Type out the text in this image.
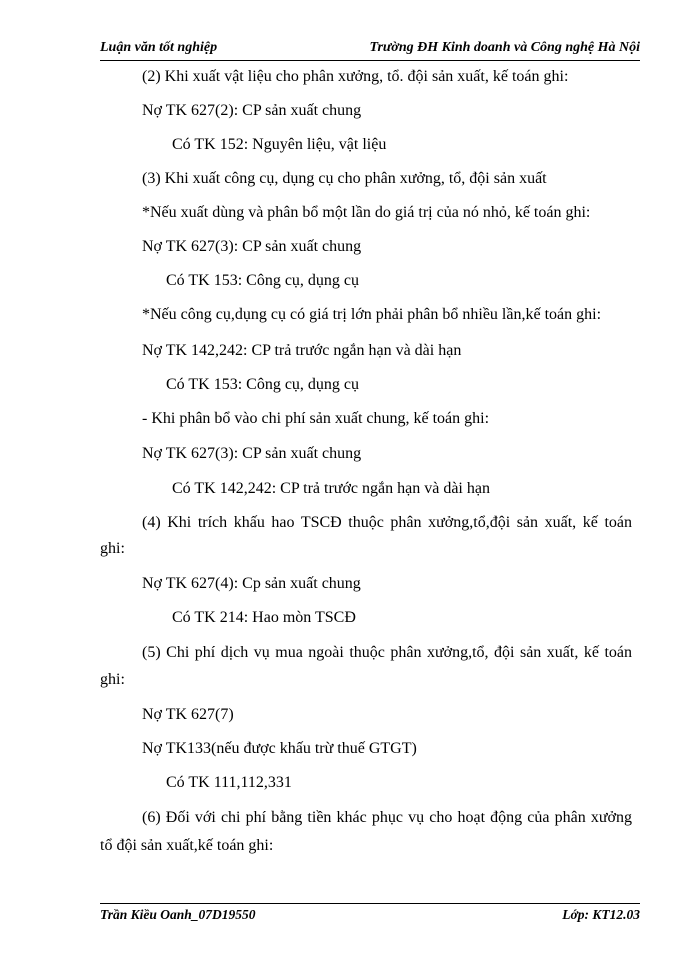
Luận văn tốt nghiệp	Trường ĐH Kinh doanh và Công nghệ Hà Nội
(2) Khi xuất vật liệu cho phân xưởng, tổ. đội sản xuất, kế toán ghi:
Nợ TK 627(2): CP sản xuất chung
Có TK 152: Nguyên liệu, vật liệu
(3) Khi xuất công cụ, dụng cụ cho phân xưởng, tổ, đội sản xuất
*Nếu xuất dùng và phân bổ một lần do giá trị của nó nhỏ, kế toán ghi:
Nợ TK 627(3): CP sản xuất chung
Có TK 153: Công cụ, dụng cụ
*Nếu công cụ,dụng cụ có giá trị lớn phải phân bổ nhiều lần,kế toán ghi:
Nợ TK 142,242: CP trả trước ngắn hạn và dài hạn
Có TK 153: Công cụ, dụng cụ
- Khi phân bổ vào chi phí sản xuất chung, kế toán ghi:
Nợ TK 627(3): CP sản xuất chung
Có TK 142,242: CP trả trước ngắn hạn và dài hạn
(4) Khi trích khấu hao TSCĐ thuộc phân xưởng,tổ,đội sản xuất, kế toán
ghi:
Nợ TK 627(4): Cp sản xuất chung
Có TK 214: Hao mòn TSCĐ
(5) Chi phí dịch vụ mua ngoài thuộc phân xưởng,tổ, đội sản xuất, kế toán
ghi:
Nợ TK 627(7)
Nợ TK133(nếu được khấu trừ thuế GTGT)
Có TK 111,112,331
(6) Đối với chi phí bằng tiền khác phục vụ cho hoạt động của phân xưởng
tổ đội sản xuất,kế toán ghi:
Trần Kiều Oanh_07D19550	Lớp: KT12.03
